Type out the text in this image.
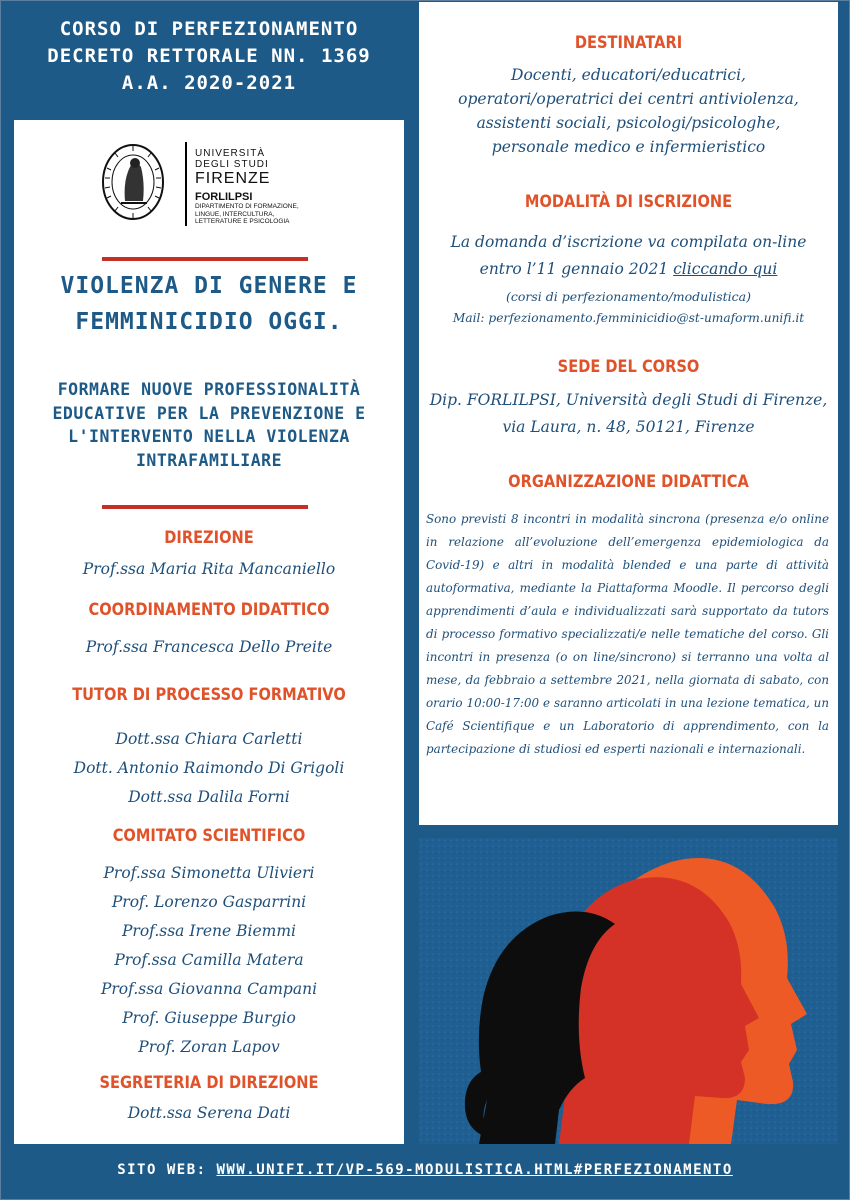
CORSO DI PERFEZIONAMENTO
DECRETO RETTORALE NN. 1369
A.A. 2020-2021
UNIVERSITÀ
DEGLI STUDI
FIRENZE
FORLILPSI
DIPARTIMENTO DI FORMAZIONE,
LINGUE, INTERCULTURA,
LETTERATURE E PSICOLOGIA
VIOLENZA DI GENERE E
FEMMINICIDIO OGGI.
FORMARE NUOVE PROFESSIONALITÀ
EDUCATIVE PER LA PREVENZIONE E
L'INTERVENTO NELLA VIOLENZA
INTRAFAMILIARE
DIREZIONE
Prof.ssa Maria Rita Mancaniello
COORDINAMENTO DIDATTICO
Prof.ssa Francesca Dello Preite
TUTOR DI PROCESSO FORMATIVO
Dott.ssa Chiara Carletti
Dott. Antonio Raimondo Di Grigoli
Dott.ssa Dalila Forni
COMITATO SCIENTIFICO
Prof.ssa Simonetta Ulivieri
Prof. Lorenzo Gasparrini
Prof.ssa Irene Biemmi
Prof.ssa Camilla Matera
Prof.ssa Giovanna Campani
Prof. Giuseppe Burgio
Prof. Zoran Lapov
SEGRETERIA DI DIREZIONE
Dott.ssa Serena Dati
DESTINATARI
Docenti, educatori/educatrici,
operatori/operatrici dei centri antiviolenza,
assistenti sociali, psicologi/psicologhe,
personale medico e infermieristico
MODALITÀ DI ISCRIZIONE
La domanda d’iscrizione va compilata on-line
entro l’11 gennaio 2021 cliccando qui
(corsi di perfezionamento/modulistica)
Mail: perfezionamento.femminicidio@st-umaform.unifi.it
SEDE DEL CORSO
Dip. FORLILPSI, Università degli Studi di Firenze,
via Laura, n. 48, 50121, Firenze
ORGANIZZAZIONE DIDATTICA
Sono previsti 8 incontri in modalità sincrona (presenza e/o online in relazione all’evoluzione dell’emergenza epidemiologica da Covid-19) e altri in modalità blended e una parte di attività autoformativa, mediante la Piattaforma Moodle. Il percorso degli apprendimenti d’aula e individualizzati sarà supportato da tutors di processo formativo specializzati/e nelle tematiche del corso. Gli incontri in presenza (o on line/sincrono) si terranno una volta al mese, da febbraio a settembre 2021, nella giornata di sabato, con orario 10:00-17:00 e saranno articolati in una lezione tematica, un Café Scientifique e un Laboratorio di apprendimento, con la partecipazione di studiosi ed esperti nazionali e internazionali.
SITO WEB: WWW.UNIFI.IT/VP-569-MODULISTICA.HTML#PERFEZIONAMENTO
